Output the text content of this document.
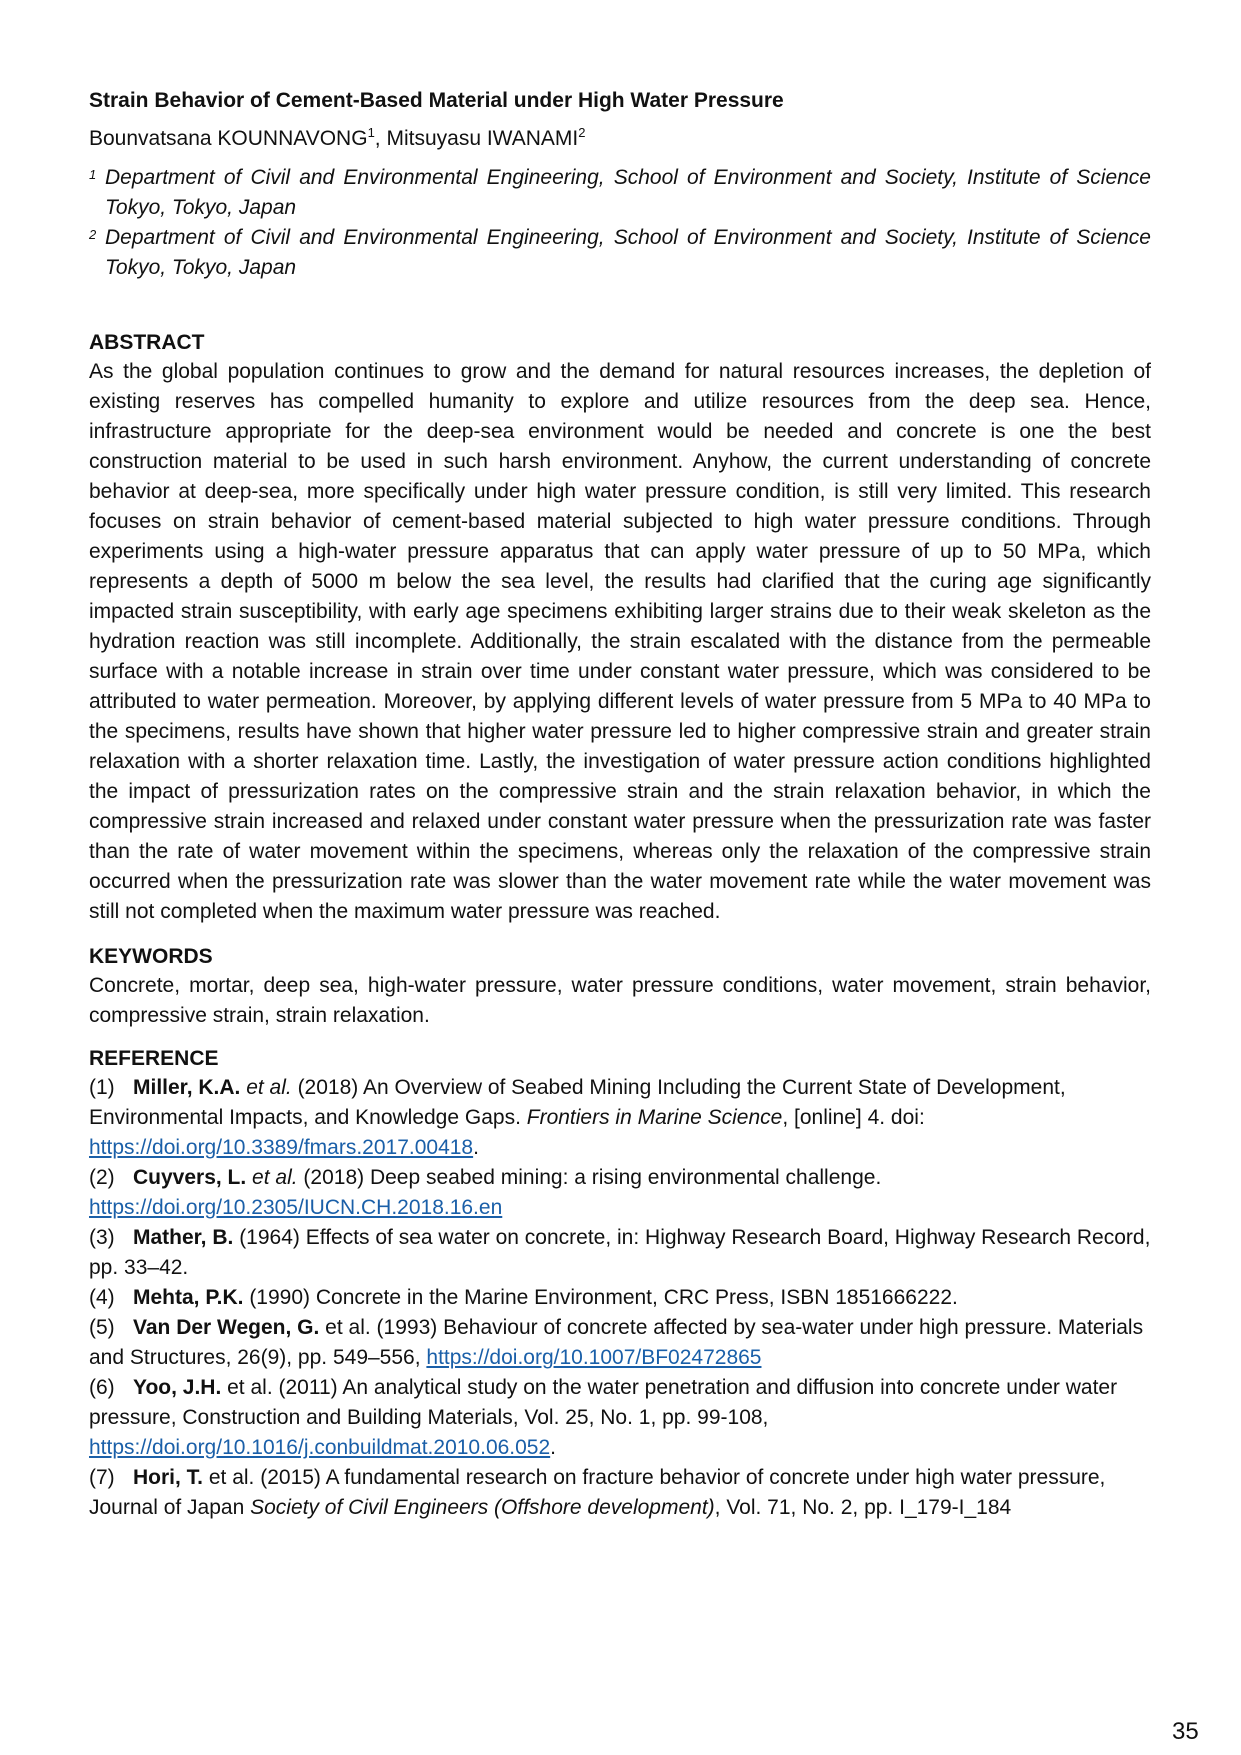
Strain Behavior of Cement-Based Material under High Water Pressure

Bounvatsana KOUNNAVONG$^1$, Mitsuyasu IWANAMI$^2$

1 Department of Civil and Environmental Engineering, School of Environment and Society, Institute of Science Tokyo, Tokyo, Japan

2 Department of Civil and Environmental Engineering, School of Environment and Society, Institute of Science Tokyo, Tokyo, Japan

ABSTRACT

As the global population continues to grow and the demand for natural resources increases, the depletion of existing reserves has compelled humanity to explore and utilize resources from the deep sea. Hence, infrastructure appropriate for the deep-sea environment would be needed and concrete is one the best construction material to be used in such harsh environment. Anyhow, the current understanding of concrete behavior at deep-sea, more specifically under high water pressure condition, is still very limited. This research focuses on strain behavior of cement-based material subjected to high water pressure conditions. Through experiments using a high-water pressure apparatus that can apply water pressure of up to 50 MPa, which represents a depth of 5000 m below the sea level, the results had clarified that the curing age significantly impacted strain susceptibility, with early age specimens exhibiting larger strains due to their weak skeleton as the hydration reaction was still incomplete. Additionally, the strain escalated with the distance from the permeable surface with a notable increase in strain over time under constant water pressure, which was considered to be attributed to water permeation. Moreover, by applying different levels of water pressure from 5 MPa to 40 MPa to the specimens, results have shown that higher water pressure led to higher compressive strain and greater strain relaxation with a shorter relaxation time. Lastly, the investigation of water pressure action conditions highlighted the impact of pressurization rates on the compressive strain and the strain relaxation behavior, in which the compressive strain increased and relaxed under constant water pressure when the pressurization rate was faster than the rate of water movement within the specimens, whereas only the relaxation of the compressive strain occurred when the pressurization rate was slower than the water movement rate while the water movement was still not completed when the maximum water pressure was reached.

KEYWORDS

Concrete, mortar, deep sea, high-water pressure, water pressure conditions, water movement, strain behavior, compressive strain, strain relaxation.

REFERENCE

(1) Miller, K.A. et al. (2018) An Overview of Seabed Mining Including the Current State of Development, Environmental Impacts, and Knowledge Gaps. Frontiers in Marine Science, [online] 4. doi: https://doi.org/10.3389/fmars.2017.00418.

(2) Cuyvers, L. et al. (2018) Deep seabed mining: a rising environmental challenge. https://doi.org/10.2305/IUCN.CH.2018.16.en

(3) Mather, B. (1964) Effects of sea water on concrete, in: Highway Research Board, Highway Research Record, pp. 33–42.

(4) Mehta, P.K. (1990) Concrete in the Marine Environment, CRC Press, ISBN 1851666222.

(5) Van Der Wegen, G. et al. (1993) Behaviour of concrete affected by sea-water under high pressure. Materials and Structures, 26(9), pp. 549–556, https://doi.org/10.1007/BF02472865

(6) Yoo, J.H. et al. (2011) An analytical study on the water penetration and diffusion into concrete under water pressure, Construction and Building Materials, Vol. 25, No. 1, pp. 99-108, https://doi.org/10.1016/j.conbuildmat.2010.06.052.

(7) Hori, T. et al. (2015) A fundamental research on fracture behavior of concrete under high water pressure, Journal of Japan Society of Civil Engineers (Offshore development), Vol. 71, No. 2, pp. I_179-I_184

35
